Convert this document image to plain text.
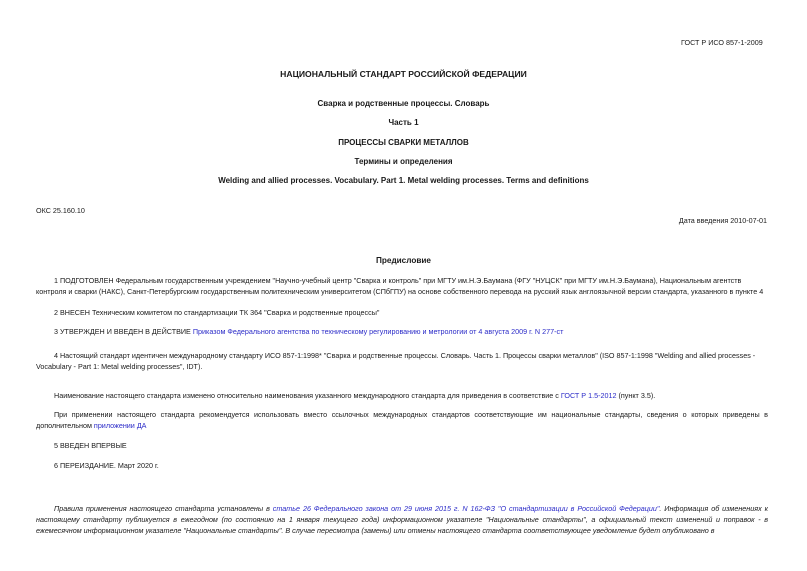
ГОСТ Р ИСО 857-1-2009
НАЦИОНАЛЬНЫЙ СТАНДАРТ РОССИЙСКОЙ ФЕДЕРАЦИИ
Сварка и родственные процессы. Словарь
Часть 1
ПРОЦЕССЫ СВАРКИ МЕТАЛЛОВ
Термины и определения
Welding and allied processes. Vocabulary. Part 1. Metal welding processes. Terms and definitions
ОКС 25.160.10
Дата введения 2010-07-01
Предисловие
1 ПОДГОТОВЛЕН Федеральным государственным учреждением "Научно-учебный центр "Сварка и контроль" при МГТУ им.Н.Э.Баумана (ФГУ "НУЦСК" при МГТУ им.Н.Э.Баумана), Национальным агентств контроля и сварки (НАКС), Санкт-Петербургским государственным политехническим университетом (СПбГПУ) на основе собственного перевода на русский язык англоязычной версии стандарта, указанного в пункте 4
2 ВНЕСЕН Техническим комитетом по стандартизации ТК 364 "Сварка и родственные процессы"
3 УТВЕРЖДЕН И ВВЕДЕН В ДЕЙСТВИЕ Приказом Федерального агентства по техническому регулированию и метрологии от 4 августа 2009 г. N 277-ст
4 Настоящий стандарт идентичен международному стандарту ИСО 857-1:1998* "Сварка и родственные процессы. Словарь. Часть 1. Процессы сварки металлов" (ISO 857-1:1998 "Welding and allied processes - Vocabulary - Part 1: Metal welding processes", IDT).
Наименование настоящего стандарта изменено относительно наименования указанного международного стандарта для приведения в соответствие с ГОСТ Р 1.5-2012 (пункт 3.5).
При применении настоящего стандарта рекомендуется использовать вместо ссылочных международных стандартов соответствующие им национальные стандарты, сведения о которых приведены в дополнительном приложении ДА
5 ВВЕДЕН ВПЕРВЫЕ
6 ПЕРЕИЗДАНИЕ. Март 2020 г.
Правила применения настоящего стандарта установлены в статье 26 Федерального закона от 29 июня 2015 г. N 162-ФЗ "О стандартизации в Российской Федерации". Информация об изменениях к настоящему стандарту публикуется в ежегодном (по состоянию на 1 января текущего года) информационном указателе "Национальные стандарты", а официальный текст изменений и поправок - в ежемесячном информационном указателе "Национальные стандарты". В случае пересмотра (замены) или отмены настоящего стандарта соответствующее уведомление будет опубликовано в
